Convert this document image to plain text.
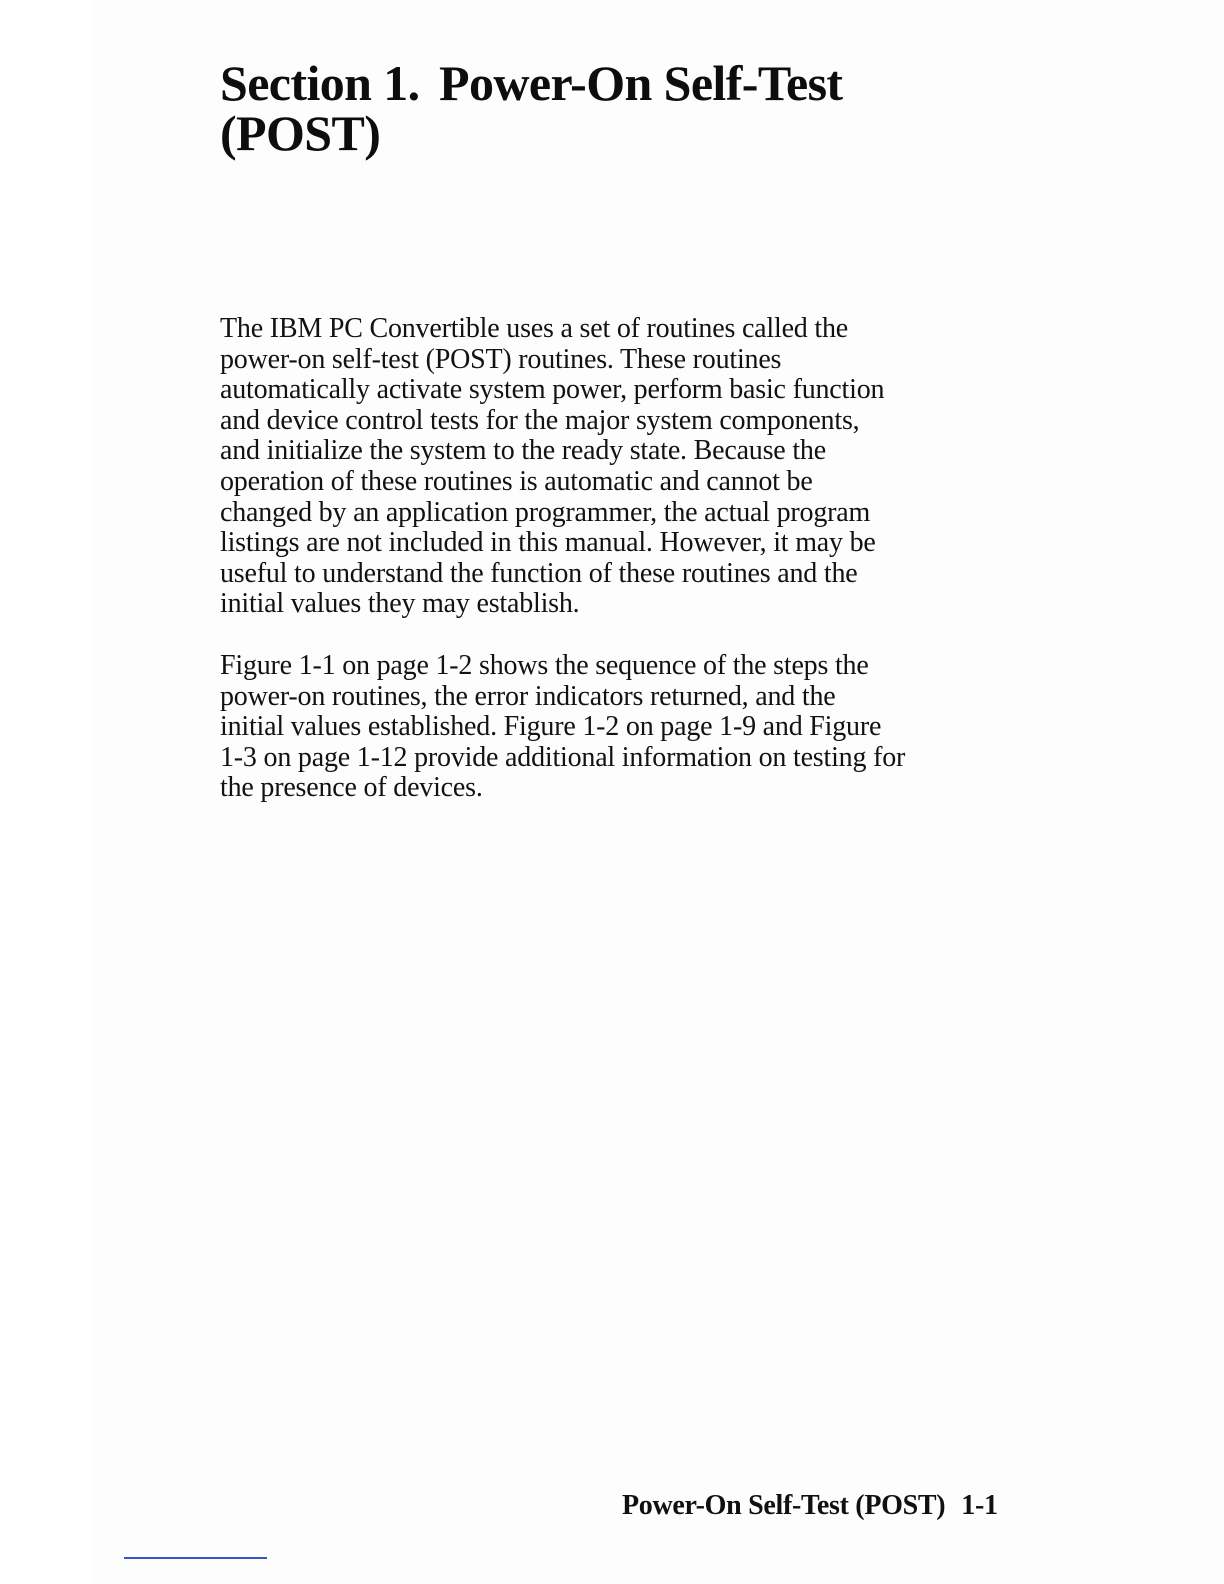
Section 1. Power-On Self-Test
(POST)
The IBM PC Convertible uses a set of routines called the
power-on self-test (POST) routines. These routines
automatically activate system power, perform basic function
and device control tests for the major system components,
and initialize the system to the ready state. Because the
operation of these routines is automatic and cannot be
changed by an application programmer, the actual program
listings are not included in this manual. However, it may be
useful to understand the function of these routines and the
initial values they may establish.
Figure 1-1 on page 1-2 shows the sequence of the steps the
power-on routines, the error indicators returned, and the
initial values established. Figure 1-2 on page 1-9 and Figure
1-3 on page 1-12 provide additional information on testing for
the presence of devices.
Power-On Self-Test (POST) 1-1
